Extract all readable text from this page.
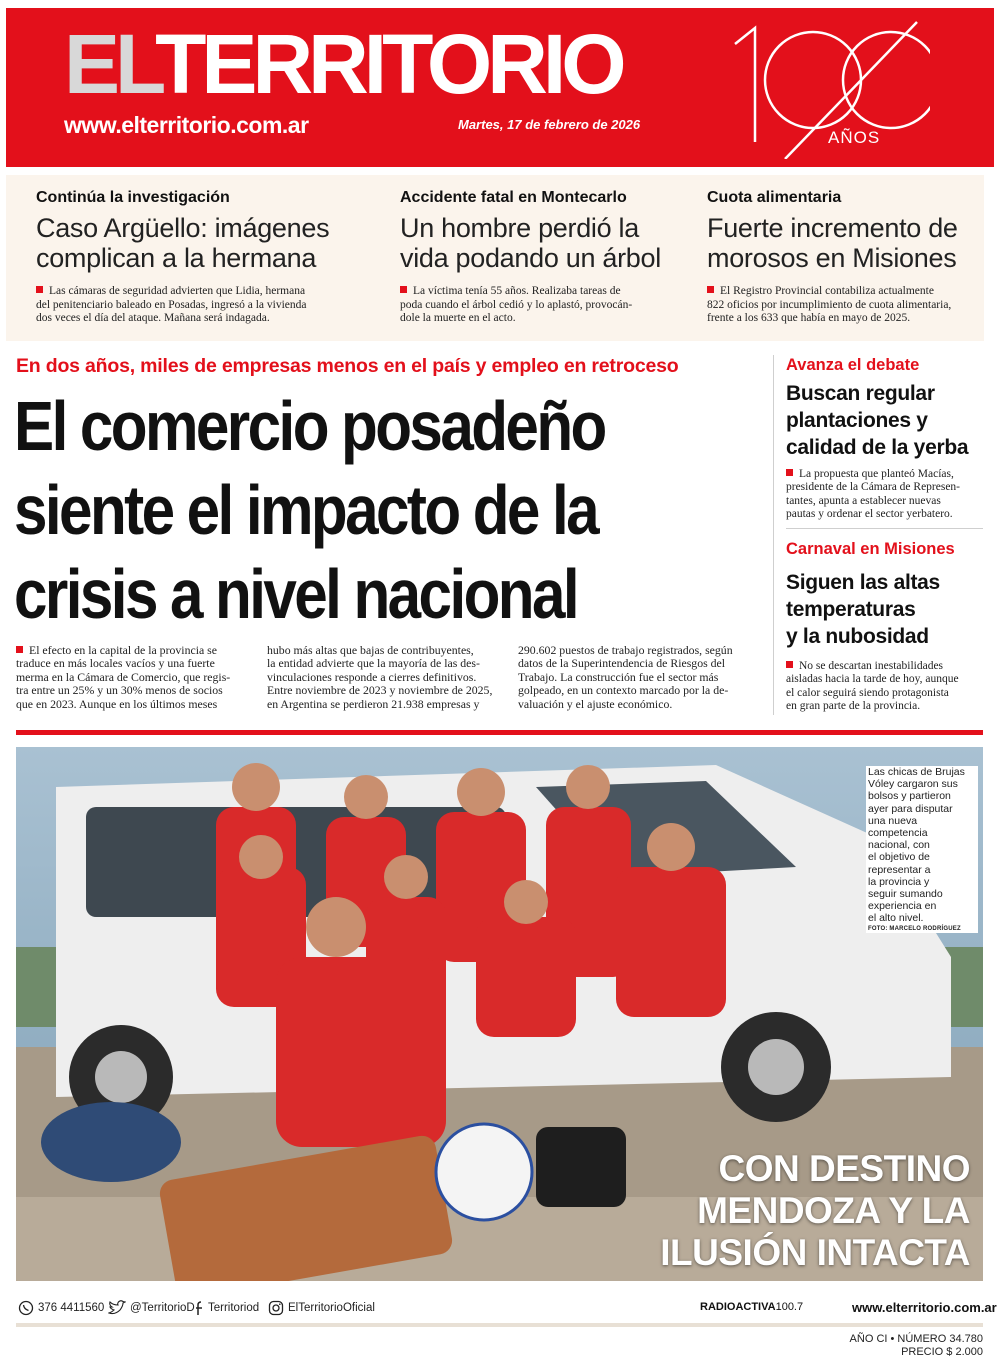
ELTERRITORIO
www.elterritorio.com.ar	Martes, 17 de febrero de 2026
AÑOS
Continúa la investigación
Caso Argüello: imágenes
complican a la hermana
Las cámaras de seguridad advierten que Lidia, hermana
del penitenciario baleado en Posadas, ingresó a la vivienda
dos veces el día del ataque. Mañana será indagada.
Accidente fatal en Montecarlo
Un hombre perdió la
vida podando un árbol
La víctima tenía 55 años. Realizaba tareas de
poda cuando el árbol cedió y lo aplastó, provocán-
dole la muerte en el acto.
Cuota alimentaria
Fuerte incremento de
morosos en Misiones
El Registro Provincial contabiliza actualmente
822 oficios por incumplimiento de cuota alimentaria,
frente a los 633 que había en mayo de 2025.
En dos años, miles de empresas menos en el país y empleo en retroceso
El comercio posadeño
siente el impacto de la
crisis a nivel nacional
El efecto en la capital de la provincia se
traduce en más locales vacíos y una fuerte
merma en la Cámara de Comercio, que regis-
tra entre un 25% y un 30% menos de socios
que en 2023. Aunque en los últimos meses
hubo más altas que bajas de contribuyentes,
la entidad advierte que la mayoría de las des-
vinculaciones responde a cierres definitivos.
Entre noviembre de 2023 y noviembre de 2025,
en Argentina se perdieron 21.938 empresas y
290.602 puestos de trabajo registrados, según
datos de la Superintendencia de Riesgos del
Trabajo. La construcción fue el sector más
golpeado, en un contexto marcado por la de-
valuación y el ajuste económico.
Avanza el debate
Buscan regular
plantaciones y
calidad de la yerba
La propuesta que planteó Macías,
presidente de la Cámara de Represen-
tantes, apunta a establecer nuevas
pautas y ordenar el sector yerbatero.
Carnaval en Misiones
Siguen las altas
temperaturas
y la nubosidad
No se descartan inestabilidades
aisladas hacia la tarde de hoy, aunque
el calor seguirá siendo protagonista
en gran parte de la provincia.
Las chicas de Brujas
Vóley cargaron sus
bolsos y partieron
ayer para disputar
una nueva
competencia
nacional, con
el objetivo de
representar a
la provincia y
seguir sumando
experiencia en
el alto nivel.
FOTO: MARCELO RODRÍGUEZ
CON DESTINO
MENDOZA Y LA
ILUSIÓN INTACTA
376 4411560 @TerritorioD Territoriod	ElTerritorioOficial	RADIOACTIVA100.7	www.elterritorio.com.ar
AÑO CI • NÚMERO 34.780
PRECIO $ 2.000
